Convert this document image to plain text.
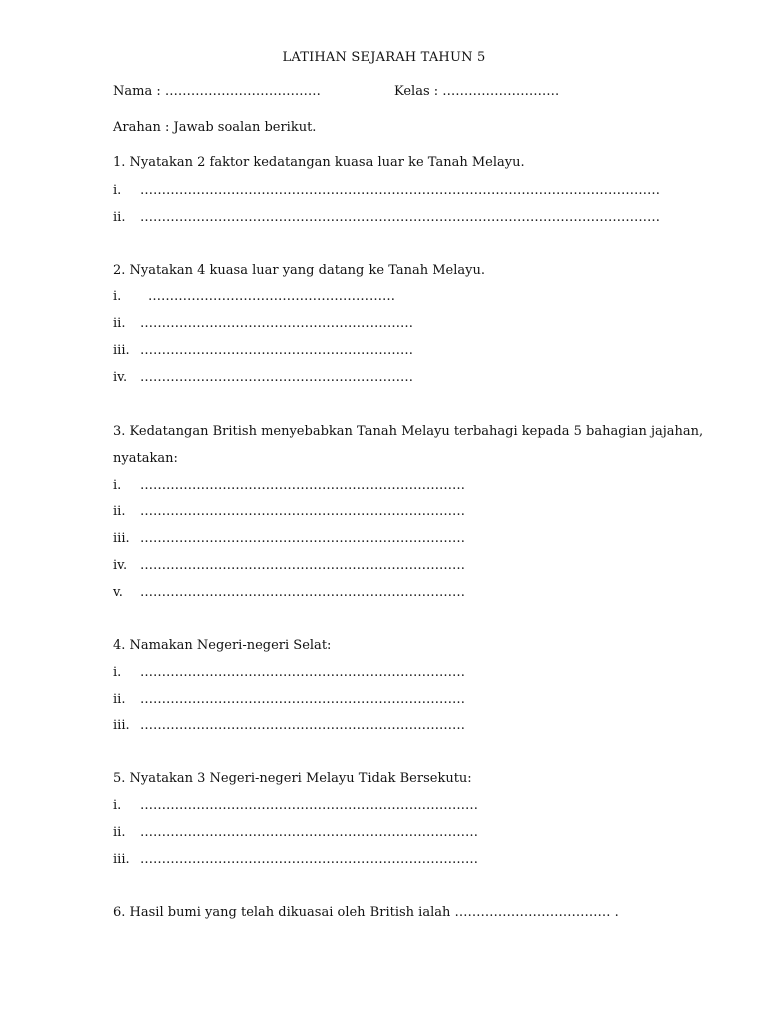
LATIHAN SEJARAH TAHUN 5
Nama : ………………………………	Kelas : ………………………
Arahan : Jawab soalan berikut.
1. Nyatakan 2 faktor kedatangan kuasa luar ke Tanah Melayu.
i.	…………………………………………………………………………………………………………
ii.	…………………………………………………………………………………………………………
2. Nyatakan 4 kuasa luar yang datang ke Tanah Melayu.
i.	…………………………………………………
ii.	………………………………………………………
iii. ………………………………………………………
iv. ………………………………………………………
3. Kedatangan British menyebabkan Tanah Melayu terbahagi kepada 5 bahagian jajahan,
nyatakan:
i.	…………………………………………………………………
ii.	…………………………………………………………………
iii. …………………………………………………………………
iv. …………………………………………………………………
v.	…………………………………………………………………
4. Namakan Negeri-negeri Selat:
i.	…………………………………………………………………
ii.	…………………………………………………………………
iii. …………………………………………………………………
5. Nyatakan 3 Negeri-negeri Melayu Tidak Bersekutu:
i.	……………………………………………………………………
ii.	……………………………………………………………………
iii. ……………………………………………………………………
6. Hasil bumi yang telah dikuasai oleh British ialah ……………………………… .
